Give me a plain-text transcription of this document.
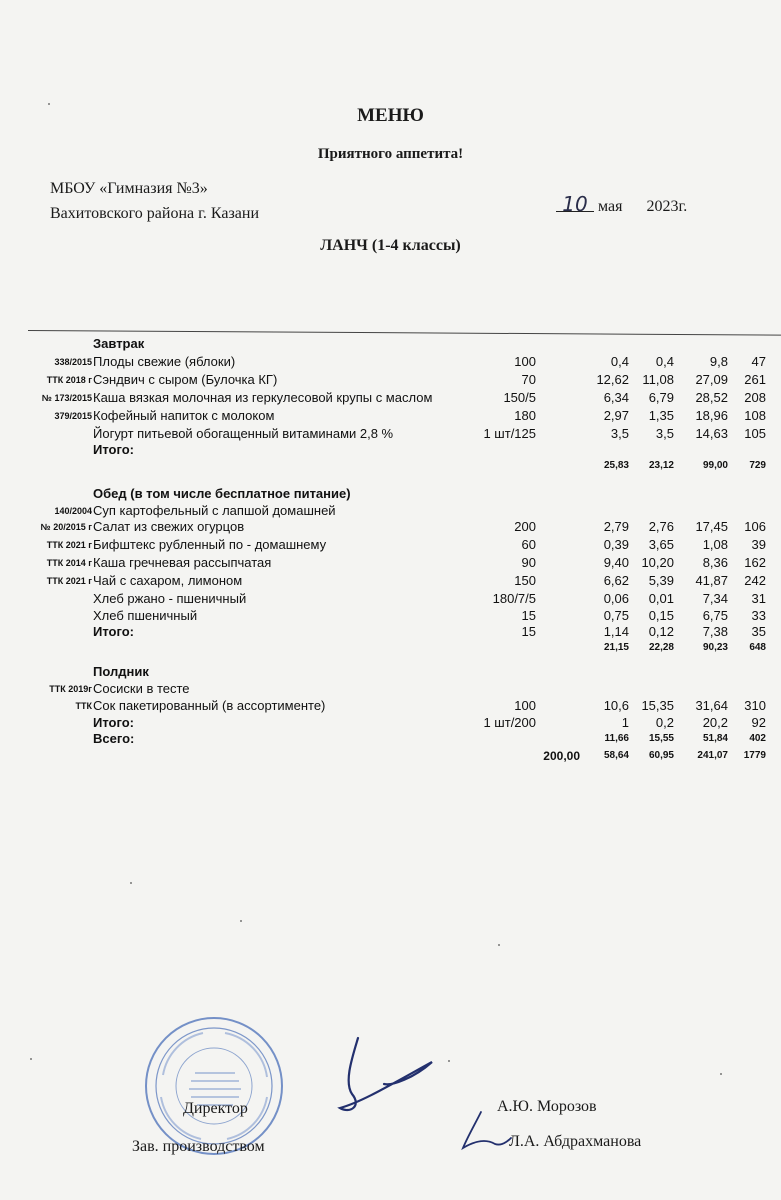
МЕНЮ
Приятного аппетита!
МБОУ «Гимназия №3»
Вахитовского района г. Казани	10 мая 2023г.
ЛАНЧ (1-4 классы)
Завтрак
338/2015 Плоды свежие (яблоки)	100	0,4	0,4	9,8	47
ТТК 2018 г Сэндвич с сыром (Булочка КГ)	70	12,62	11,08	27,09	261
№ 173/2015 Каша вязкая молочная из геркулесовой крупы с маслом	150/5	6,34	6,79	28,52	208
379/2015 Кофейный напиток с молоком	180	2,97	1,35	18,96	108
Йогурт питьевой обогащенный витаминами 2,8 %	1 шт/125	3,5	3,5	14,63	105
Итого:
25,83	23,12	99,00	729
Обед (в том числе бесплатное питание)
140/2004 Суп картофельный с лапшой домашней
№ 20/2015 г Салат из свежих огурцов	200	2,79	2,76	17,45	106
ТТК 2021 г Бифштекс рубленный по - домашнему	60	0,39	3,65	1,08	39
ТТК 2014 г Каша гречневая рассыпчатая	90	9,40 10,20	8,36	162
ТТК 2021 г Чай с сахаром, лимоном	150	6,62	5,39	41,87	242
Хлеб ржано - пшеничный	180/7/5	0,06	0,01	7,34	31
Хлеб пшеничный	15	0,75	0,15	6,75	33
Итого:	15	1,14	0,12	7,38	35
21,15	22,28	90,23	648
Полдник
ТТК 2019г Сосиски в тесте
ТТК Сок пакетированный (в ассортименте)	100	10,6 15,35	31,64	310
Итого:	1 шт/200	1	0,2	20,2	92
Всего:	11,66	15,55	51,84	402
200,00	58,64	60,95	241,07	1779
Директор	А.Ю. Морозов
Зав. производством	Л.А. Абдрахманова
